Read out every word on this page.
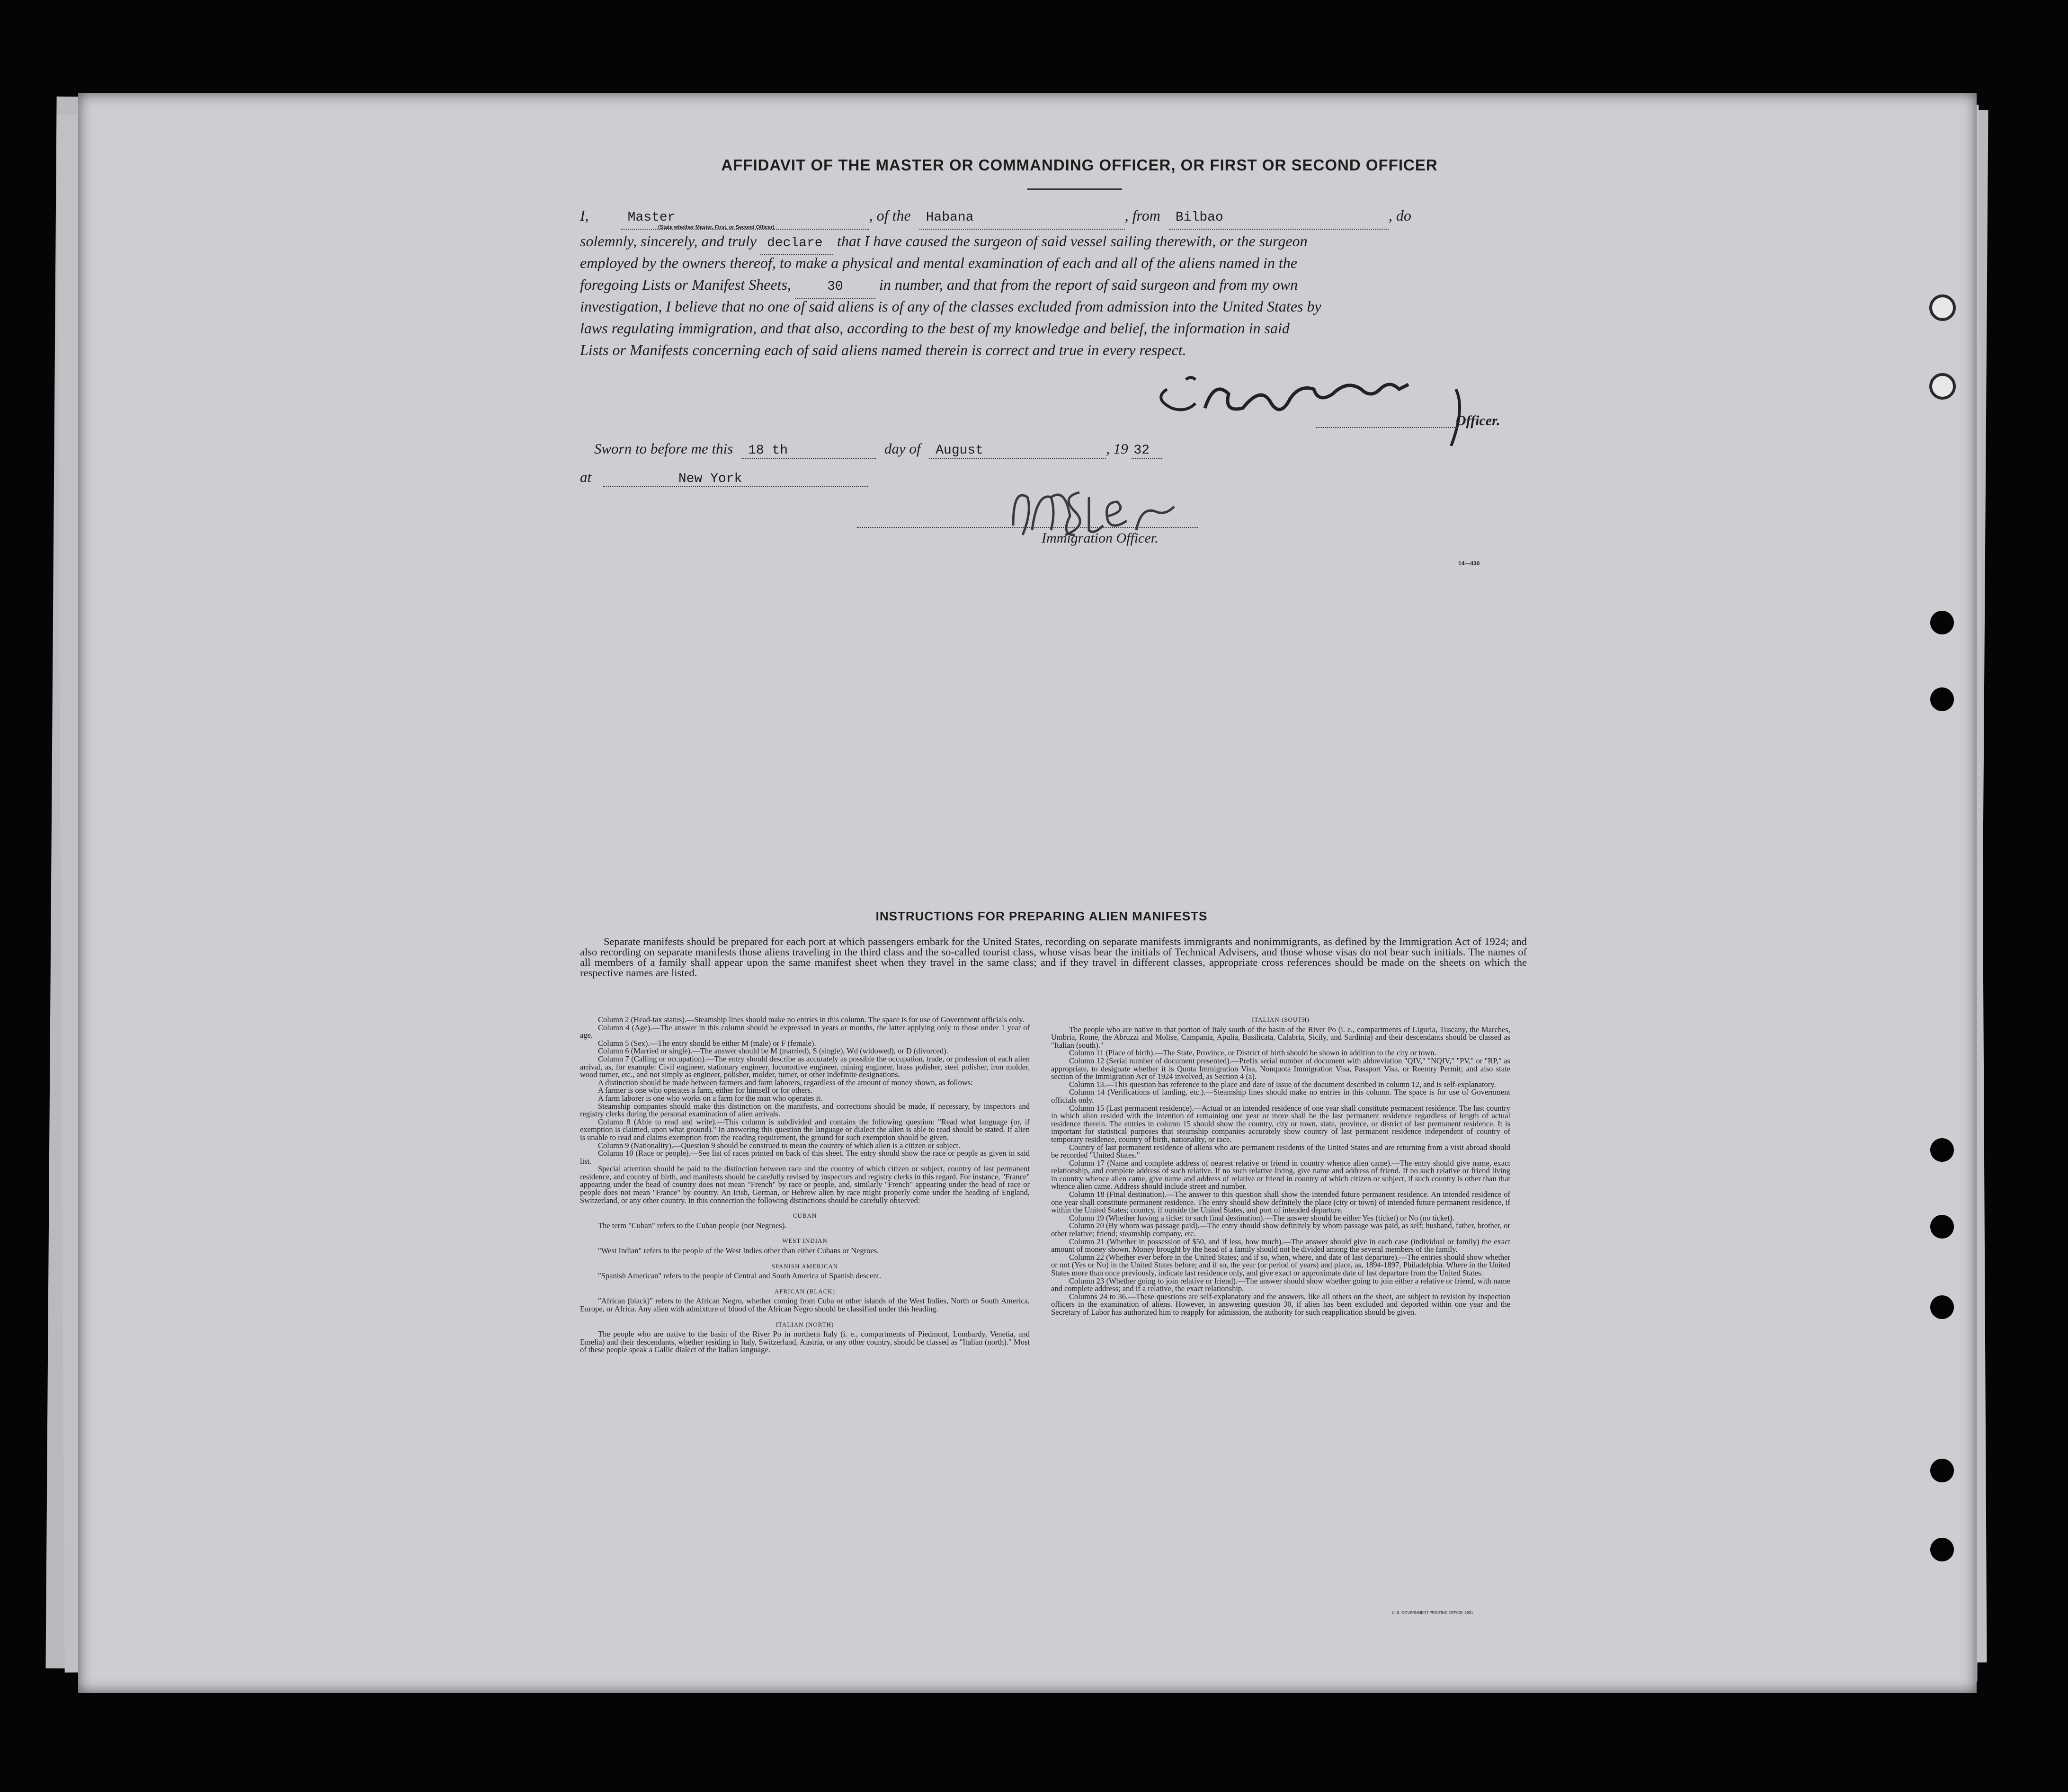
AFFIDAVIT OF THE MASTER OR COMMANDING OFFICER, OR FIRST OR SECOND OFFICER
I,	Master	, of the Habana	, from Bilbao	, do
(State whether Master, First, or Second Officer)
solemnly, sincerely, and truly declare that I have caused the surgeon of said vessel sailing therewith, or the surgeon
employed by the owners thereof, to make a physical and mental examination of each and all of the aliens named in the
foregoing Lists or Manifest Sheets,	30 in number, and that from the report of said surgeon and from my own
investigation, I believe that no one of said aliens is of any of the classes excluded from admission into the United States by
laws regulating immigration, and that also, according to the best of my knowledge and belief, the information in said
Lists or Manifests concerning each of said aliens named therein is correct and true in every respect.
Officer.
Sworn to before me this 18 th	day of August	, 19 32
at	New York
Immigration Officer.
14—430
INSTRUCTIONS FOR PREPARING ALIEN MANIFESTS
Separate manifests should be prepared for each port at which passengers embark for the United States, recording on separate manifests immigrants and nonimmigrants, as defined by the Immigration Act of 1924; and also recording on separate manifests those aliens traveling in the third class and the so-called tourist class, whose visas bear the initials of Technical Advisers, and those whose visas do not bear such initials. The names of all members of a family shall appear upon the same manifest sheet when they travel in the same class; and if they travel in different classes, appropriate cross references should be made on the sheets on which the respective names are listed.

Column 2 (Head-tax status).—Steamship lines should make no entries in this column. The space is for use of Government officials only.

Column 4 (Age).—The answer in this column should be expressed in years or months, the latter applying only to those under 1 year of age.

Column 5 (Sex).—The entry should be either M (male) or F (female).

Column 6 (Married or single).—The answer should be M (married), S (single), Wd (widowed), or D (divorced).

Column 7 (Calling or occupation).—The entry should describe as accurately as possible the occupation, trade, or profession of each alien arrival, as, for example: Civil engineer, stationary engineer, locomotive engineer, mining engineer, brass polisher, steel polisher, iron molder, wood turner, etc., and not simply as engineer, polisher, molder, turner, or other indefinite designations.

A distinction should be made between farmers and farm laborers, regardless of the amount of money shown, as follows:

A farmer is one who operates a farm, either for himself or for others.

A farm laborer is one who works on a farm for the man who operates it.

Steamship companies should make this distinction on the manifests, and corrections should be made, if necessary, by inspectors and registry clerks during the personal examination of alien arrivals.

Column 8 (Able to read and write).—This column is subdivided and contains the following question: "Read what language (or, if exemption is claimed, upon what ground)." In answering this question the language or dialect the alien is able to read should be stated. If alien is unable to read and claims exemption from the reading requirement, the ground for such exemption should be given.

Column 9 (Nationality).—Question 9 should be construed to mean the country of which alien is a citizen or subject.

Column 10 (Race or people).—See list of races printed on back of this sheet. The entry should show the race or people as given in said list.

Special attention should be paid to the distinction between race and the country of which citizen or subject, country of last permanent residence, and country of birth, and manifests should be carefully revised by inspectors and registry clerks in this regard. For instance, "France" appearing under the head of country does not mean "French" by race or people, and, similarly "French" appearing under the head of race or people does not mean "France" by country. An Irish, German, or Hebrew alien by race might properly come under the heading of England, Switzerland, or any other country. In this connection the following distinctions should be carefully observed:

CUBAN

The term "Cuban" refers to the Cuban people (not Negroes).

WEST INDIAN

"West Indian" refers to the people of the West Indies other than either Cubans or Negroes.

SPANISH AMERICAN

"Spanish American" refers to the people of Central and South America of Spanish descent.

AFRICAN (BLACK)

"African (black)" refers to the African Negro, whether coming from Cuba or other islands of the West Indies, North or South America, Europe, or Africa. Any alien with admixture of blood of the African Negro should be classified under this heading.

ITALIAN (NORTH)

The people who are native to the basin of the River Po in northern Italy (i. e., compartments of Piedmont, Lombardy, Venetia, and Emelia) and their descendants, whether residing in Italy, Switzerland, Austria, or any other country, should be classed as "Italian (north)." Most of these people speak a Gallic dialect of the Italian language.

ITALIAN (SOUTH)

The people who are native to that portion of Italy south of the basin of the River Po (i. e., compartments of Liguria, Tuscany, the Marches, Umbria, Rome, the Abruzzi and Molise, Campania, Apulia, Basilicata, Calabria, Sicily, and Sardinia) and their descendants should be classed as "Italian (south)."

Column 11 (Place of birth).—The State, Province, or District of birth should be shown in addition to the city or town.

Column 12 (Serial number of document presented).—Prefix serial number of document with abbreviation "QIV," "NQIV," "PV," or "RP," as appropriate, to designate whether it is Quota Immigration Visa, Nonquota Immigration Visa, Passport Visa, or Reentry Permit; and also state section of the Immigration Act of 1924 involved, as Section 4 (a).

Column 13.—This question has reference to the place and date of issue of the document described in column 12, and is self-explanatory.

Column 14 (Verifications of landing, etc.).—Steamship lines should make no entries in this column. The space is for use of Government officials only.

Column 15 (Last permanent residence).—Actual or an intended residence of one year shall constitute permanent residence. The last country in which alien resided with the intention of remaining one year or more shall be the last permanent residence regardless of length of actual residence therein. The entries in column 15 should show the country, city or town, state, province, or district of last permanent residence. It is important for statistical purposes that steamship companies accurately show country of last permanent residence independent of country of temporary residence, country of birth, nationality, or race.

Country of last permanent residence of aliens who are permanent residents of the United States and are returning from a visit abroad should be recorded "United States."

Column 17 (Name and complete address of nearest relative or friend in country whence alien came).—The entry should give name, exact relationship, and complete address of such relative. If no such relative living, give name and address of friend. If no such relative or friend living in country whence alien came, give name and address of relative or friend in country of which citizen or subject, if such country is other than that whence alien came. Address should include street and number.

Column 18 (Final destination).—The answer to this question shall show the intended future permanent residence. An intended residence of one year shall constitute permanent residence. The entry should show definitely the place (city or town) of intended future permanent residence, if within the United States; country, if outside the United States, and port of intended departure.

Column 19 (Whether having a ticket to such final destination).—The answer should be either Yes (ticket) or No (no ticket).

Column 20 (By whom was passage paid).—The entry should show definitely by whom passage was paid, as self; husband, father, brother, or other relative; friend; steamship company, etc.

Column 21 (Whether in possession of $50, and if less, how much).—The answer should give in each case (individual or family) the exact amount of money shown. Money brought by the head of a family should not be divided among the several members of the family.

Column 22 (Whether ever before in the United States; and if so, when, where, and date of last departure).—The entries should show whether or not (Yes or No) in the United States before; and if so, the year (or period of years) and place, as, 1894-1897, Philadelphia. Where in the United States more than once previously, indicate last residence only, and give exact or approximate date of last departure from the United States.

Column 23 (Whether going to join relative or friend).—The answer should show whether going to join either a relative or friend, with name and complete address; and if a relative, the exact relationship.

Columns 24 to 36.—These questions are self-explanatory and the answers, like all others on the sheet, are subject to revision by inspection officers in the examination of aliens. However, in answering question 30, if alien has been excluded and deported within one year and the Secretary of Labor has authorized him to reapply for admission, the authority for such reapplication should be given.

U. S. GOVERNMENT PRINTING OFFICE: 1931
